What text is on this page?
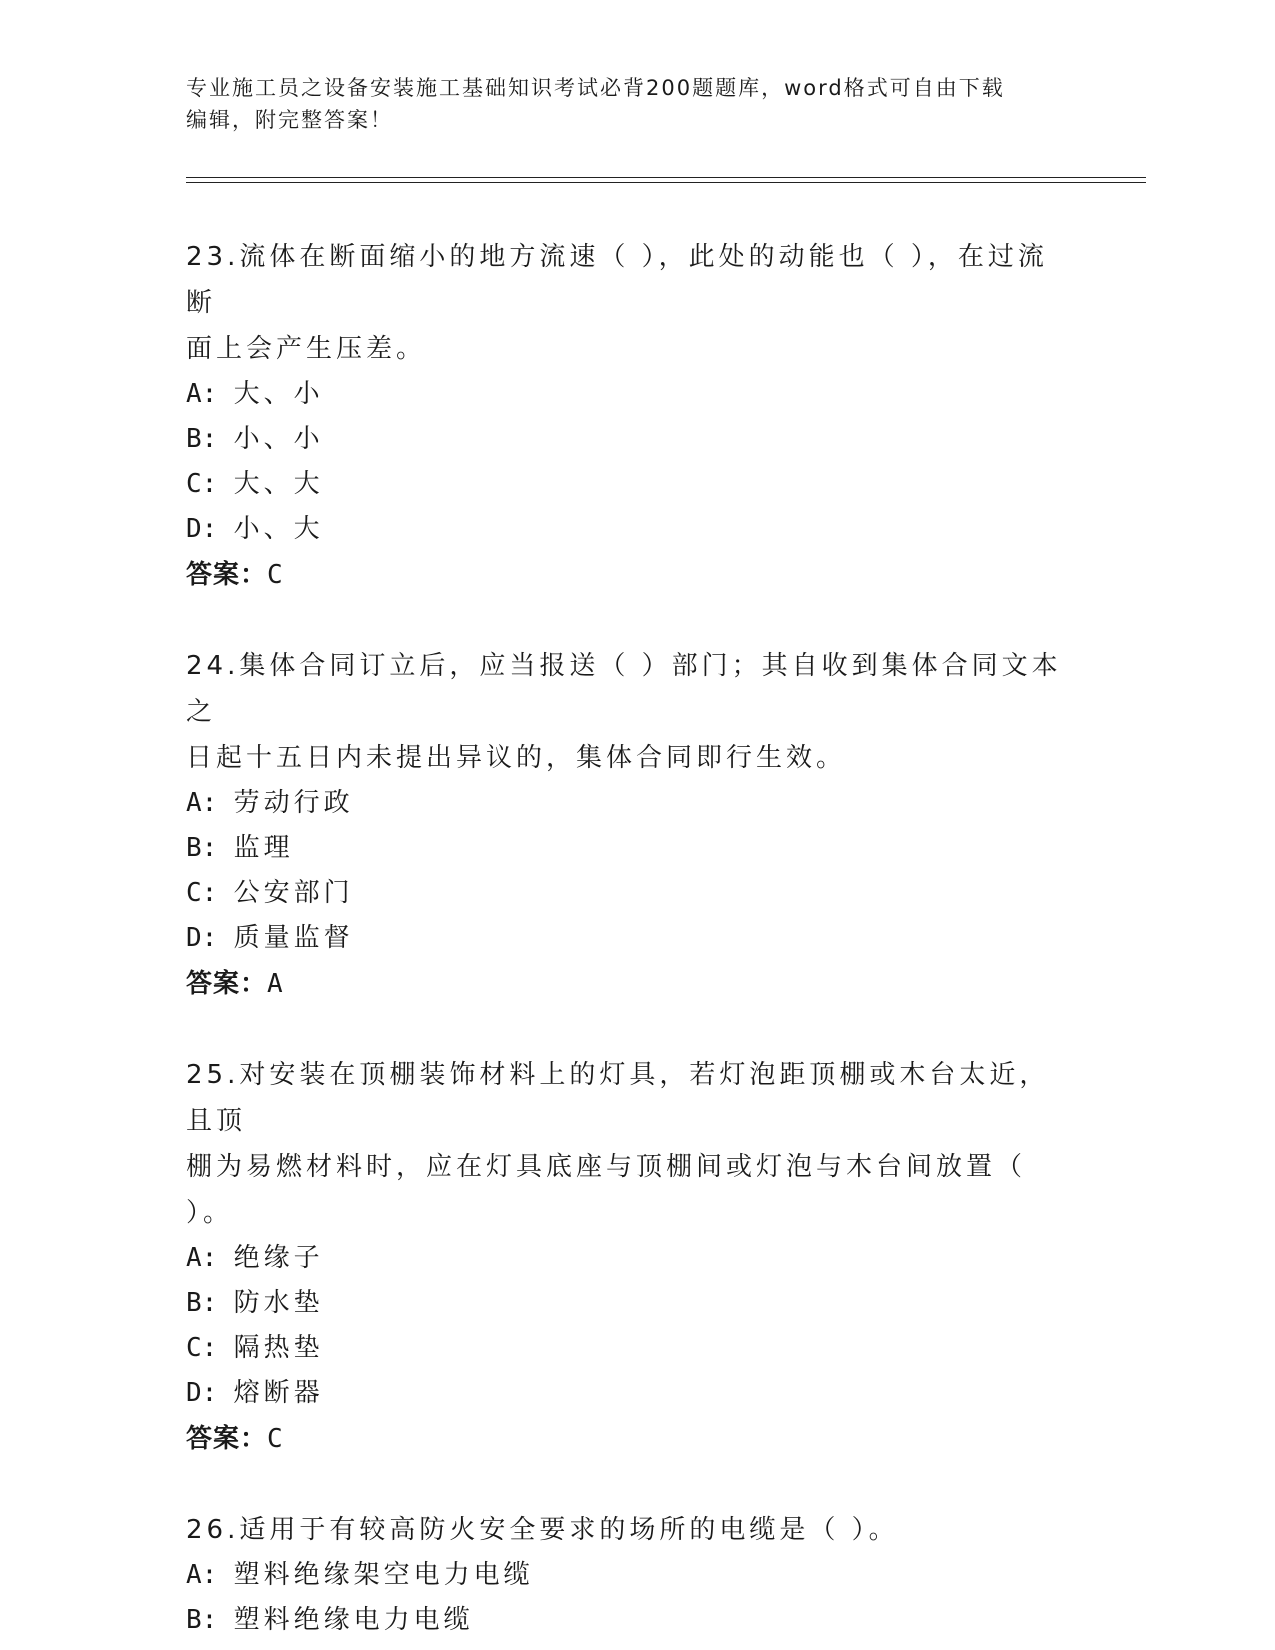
专业施工员之设备安装施工基础知识考试必背200题题库，word格式可自由下载
编辑，附完整答案！

23.流体在断面缩小的地方流速（ ），此处的动能也（ ），在过流断

面上会产生压差。

A: 大、小

B: 小、小

C: 大、大

D: 小、大

答案：C

24.集体合同订立后，应当报送（ ）部门；其自收到集体合同文本之

日起十五日内未提出异议的，集体合同即行生效。

A: 劳动行政

B: 监理

C: 公安部门

D: 质量监督

答案：A

25.对安装在顶棚装饰材料上的灯具，若灯泡距顶棚或木台太近，且顶

棚为易燃材料时，应在灯具底座与顶棚间或灯泡与木台间放置（ ）。

A: 绝缘子

B: 防水垫

C: 隔热垫

D: 熔断器

答案：C

26.适用于有较高防火安全要求的场所的电缆是（ ）。

A: 塑料绝缘架空电力电缆

B: 塑料绝缘电力电缆
